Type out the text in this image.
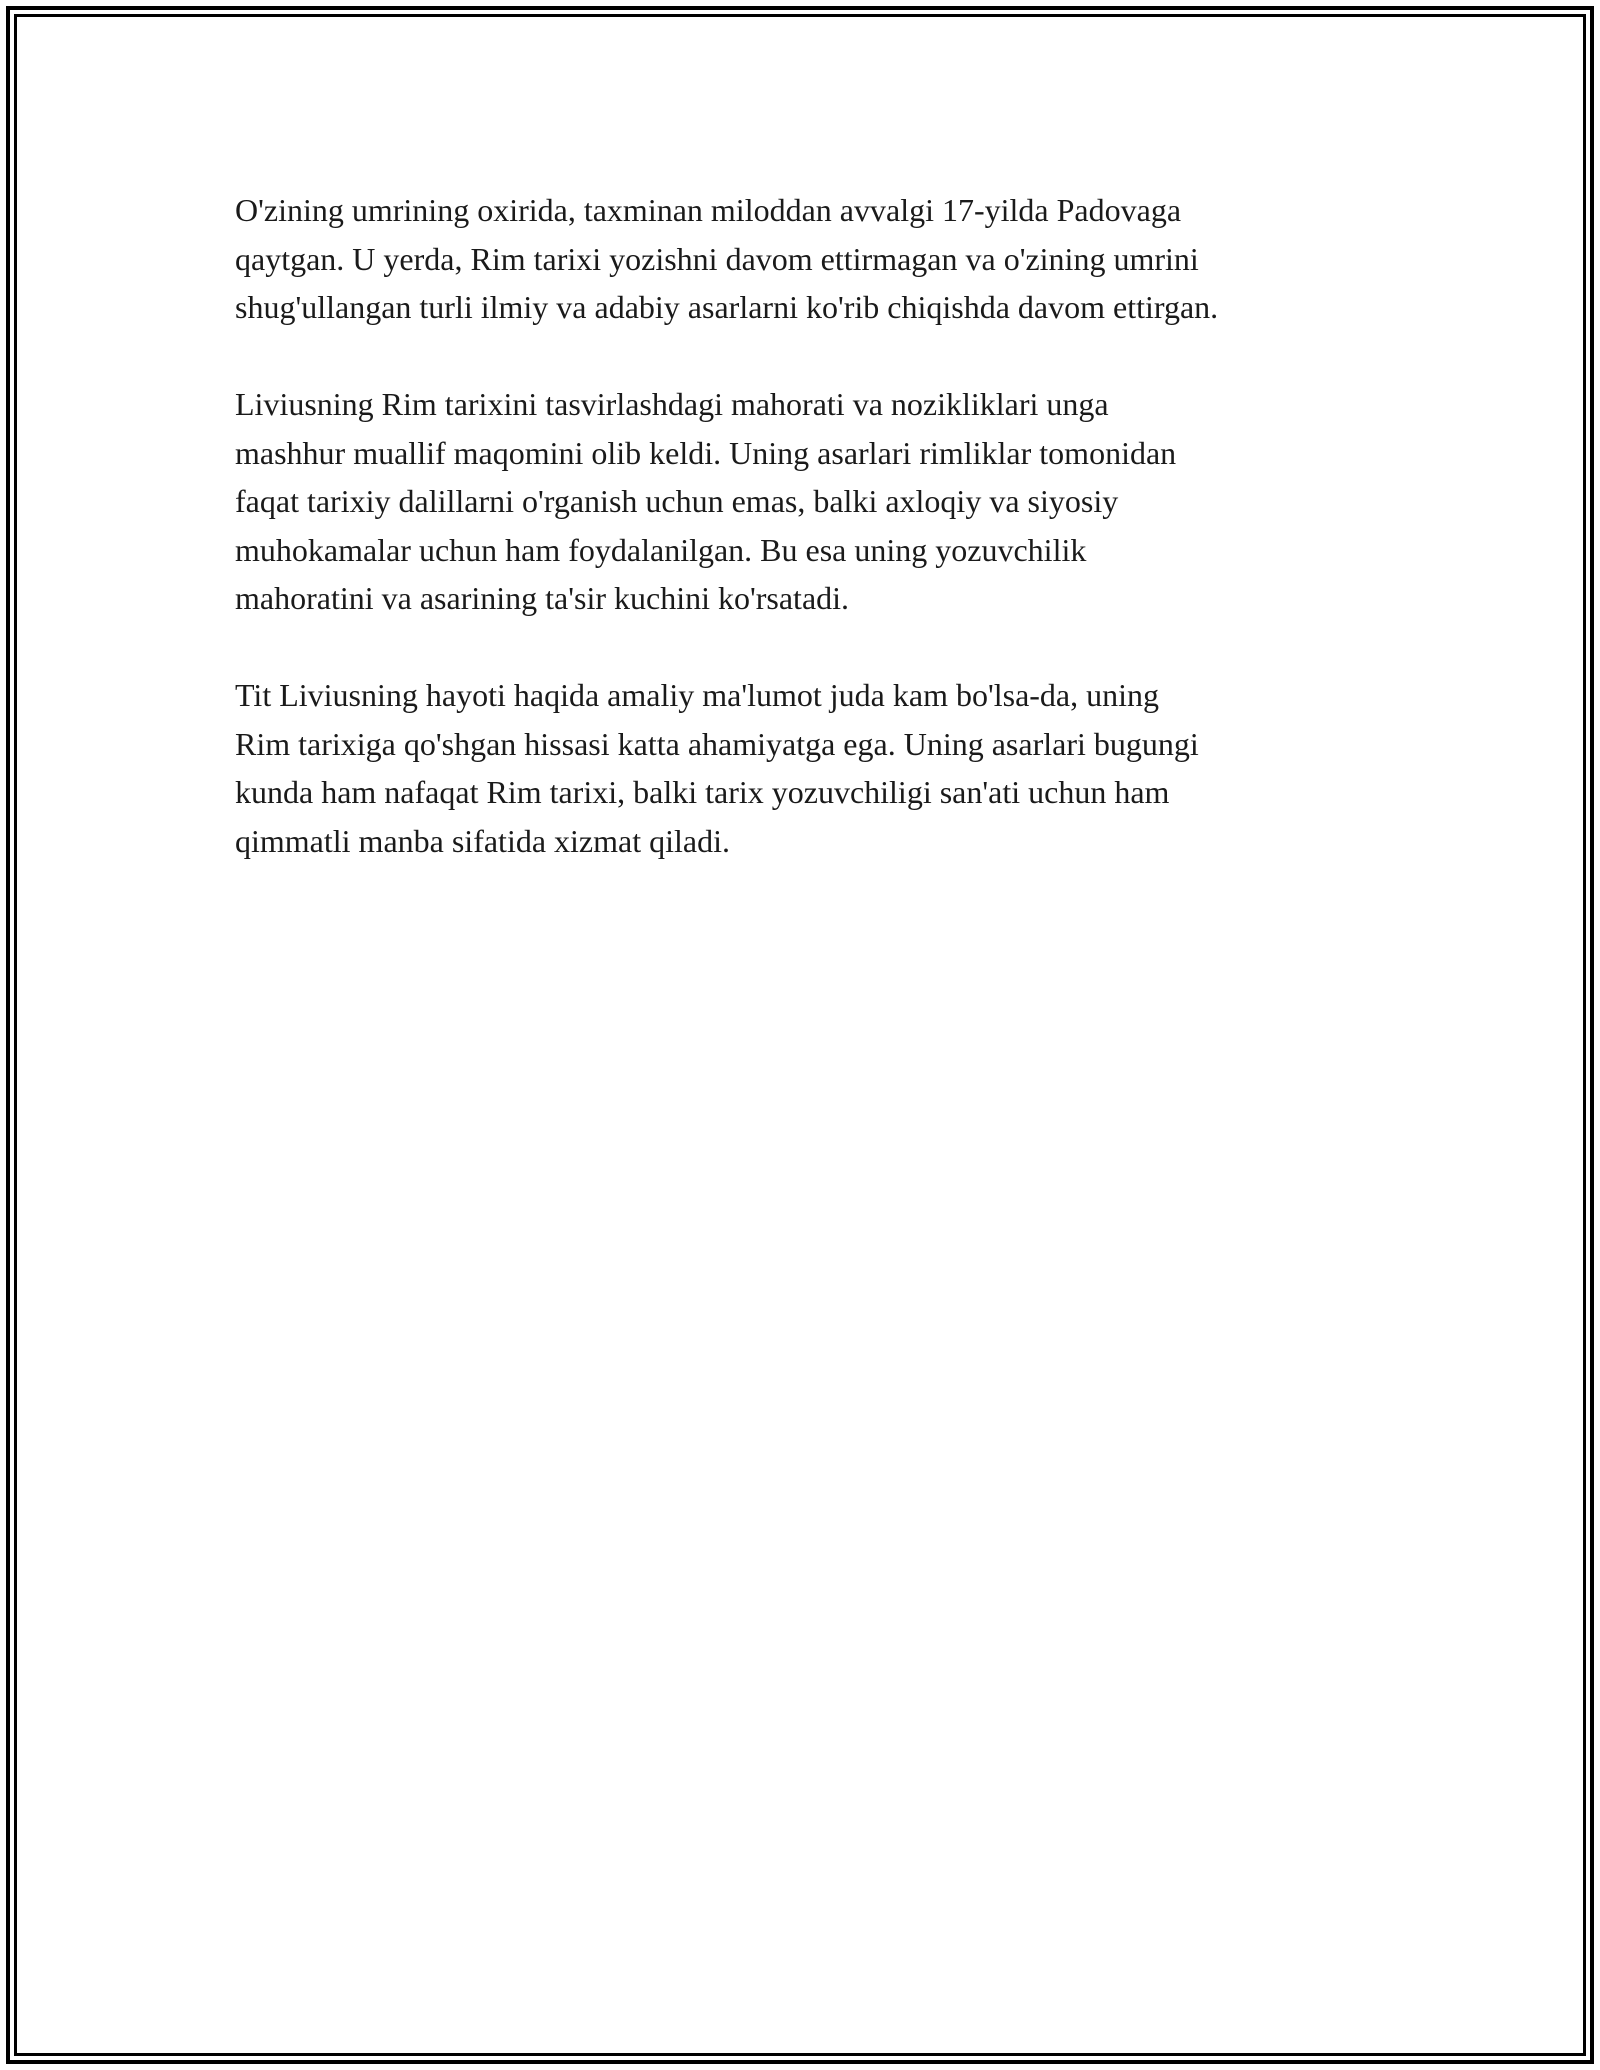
O'zining umrining oxirida, taxminan miloddan avvalgi 17-yilda Padovaga
qaytgan. U yerda, Rim tarixi yozishni davom ettirmagan va o'zining umrini
shug'ullangan turli ilmiy va adabiy asarlarni ko'rib chiqishda davom ettirgan.

Liviusning Rim tarixini tasvirlashdagi mahorati va nozikliklari unga
mashhur muallif maqomini olib keldi. Uning asarlari rimliklar tomonidan
faqat tarixiy dalillarni o'rganish uchun emas, balki axloqiy va siyosiy
muhokamalar uchun ham foydalanilgan. Bu esa uning yozuvchilik
mahoratini va asarining ta'sir kuchini ko'rsatadi.

Tit Liviusning hayoti haqida amaliy ma'lumot juda kam bo'lsa-da, uning
Rim tarixiga qo'shgan hissasi katta ahamiyatga ega. Uning asarlari bugungi
kunda ham nafaqat Rim tarixi, balki tarix yozuvchiligi san'ati uchun ham
qimmatli manba sifatida xizmat qiladi.
